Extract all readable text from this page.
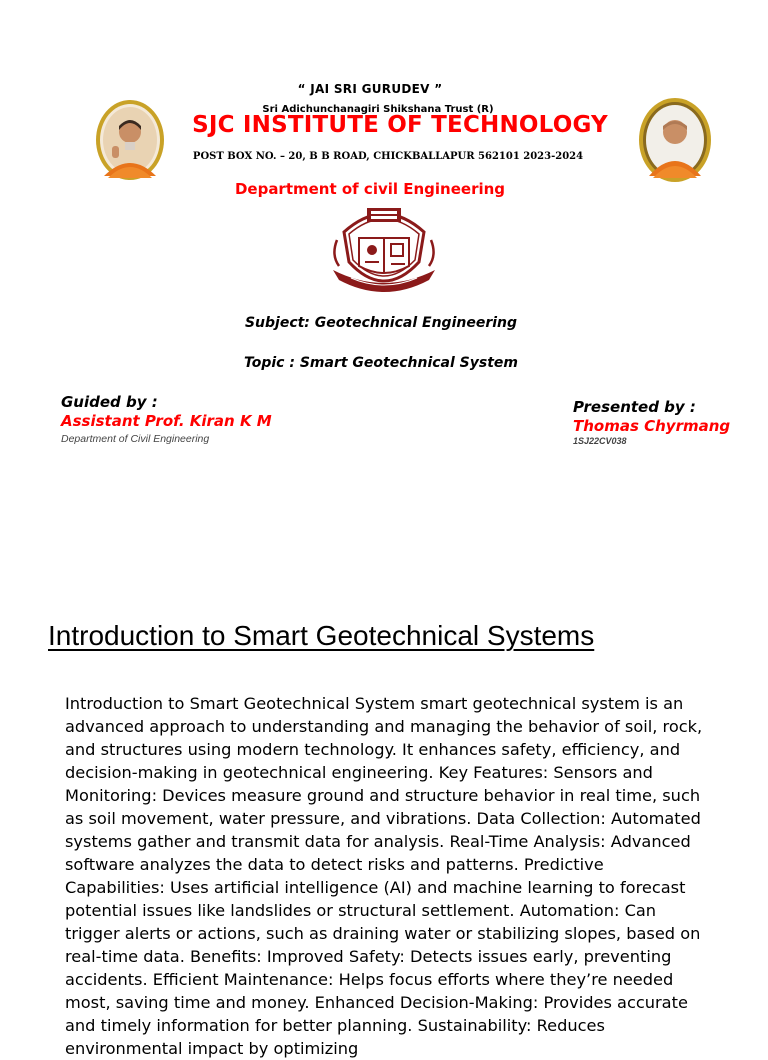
“ JAI SRI GURUDEV ”
Sri Adichunchanagiri Shikshana Trust (R)
SJC INSTITUTE OF TECHNOLOGY
POST BOX NO. – 20, B B ROAD, CHICKBALLAPUR 562101 2023-2024
Department of civil Engineering
Subject: Geotechnical Engineering
Topic : Smart Geotechnical System
Guided by :
Assistant Prof. Kiran K M
Department of Civil Engineering
Presented by :
Thomas Chyrmang
1SJ22CV038
Introduction to Smart Geotechnical Systems
Introduction to Smart Geotechnical System smart geotechnical system is an advanced approach to understanding and managing the behavior of soil, rock, and structures using modern technology. It enhances safety, efficiency, and decision-making in geotechnical engineering. Key Features: Sensors and Monitoring: Devices measure ground and structure behavior in real time, such as soil movement, water pressure, and vibrations. Data Collection: Automated systems gather and transmit data for analysis. Real-Time Analysis: Advanced software analyzes the data to detect risks and patterns. Predictive Capabilities: Uses artificial intelligence (AI) and machine learning to forecast potential issues like landslides or structural settlement. Automation: Can trigger alerts or actions, such as draining water or stabilizing slopes, based on real-time data. Benefits: Improved Safety: Detects issues early, preventing accidents. Efficient Maintenance: Helps focus efforts where they’re needed most, saving time and money. Enhanced Decision-Making: Provides accurate and timely information for better planning. Sustainability: Reduces environmental impact by optimizing
